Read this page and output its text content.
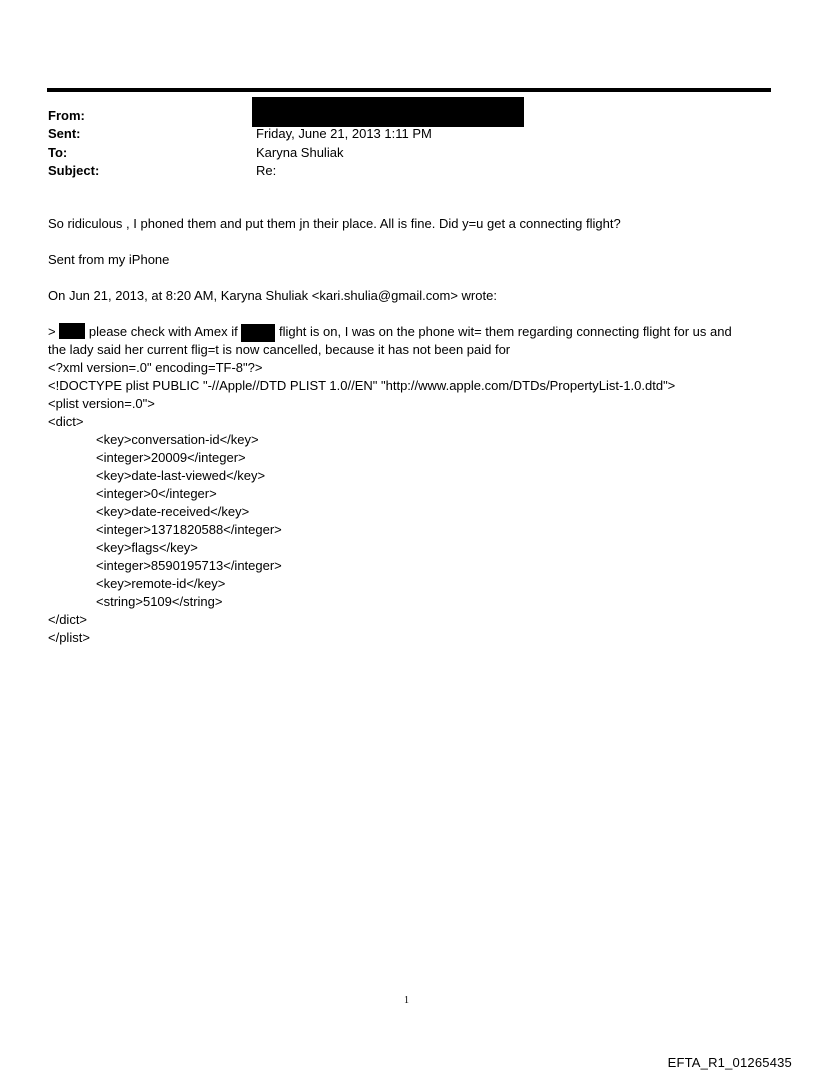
From:
Sent:	Friday, June 21, 2013 1:11 PM
To:	Karyna Shuliak
Subject:	Re:
So ridiculous , I phoned them and put them jn their place. All is fine. Did y=u get a connecting flight?
Sent from my iPhone
On Jun 21, 2013, at 8:20 AM, Karyna Shuliak <kari.shulia@gmail.com> wrote:
>	please check with Amex if	flight is on, I was on the phone wit= them regarding connecting flight for us and
the lady said her current flig=t is now cancelled, because it has not been paid for
<?xml version=.0" encoding=TF-8"?>
<!DOCTYPE plist PUBLIC "-//Apple//DTD PLIST 1.0//EN" "http://www.apple.com/DTDs/PropertyList-1.0.dtd">
<plist version=.0">
<dict>
<key>conversation-id</key>
<integer>20009</integer>
<key>date-last-viewed</key>
<integer>0</integer>
<key>date-received</key>
<integer>1371820588</integer>
<key>flags</key>
<integer>8590195713</integer>
<key>remote-id</key>
<string>5109</string>
</dict>
</plist>
1
EFTA_R1_01265435
